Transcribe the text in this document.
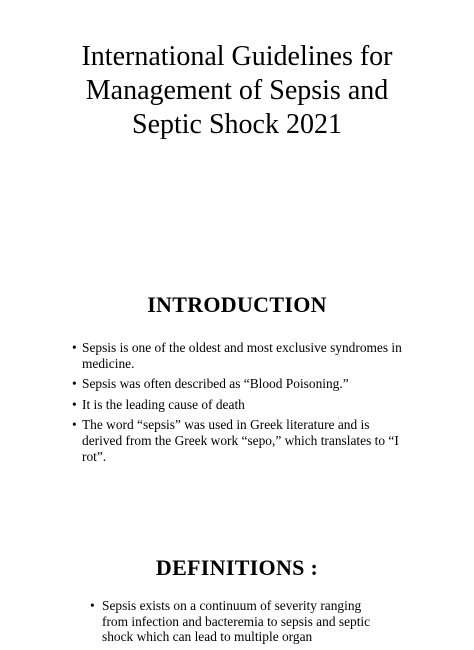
International Guidelines for
Management of Sepsis and
Septic Shock 2021
INTRODUCTION
• Sepsis is one of the oldest and most exclusive syndromes in medicine.
• Sepsis was often described as “Blood Poisoning.”
• It is the leading cause of death
• The word “sepsis” was used in Greek literature and is derived from the Greek work “sepo,” which translates to “I rot”.
DEFINITIONS :
• Sepsis exists on a continuum of severity ranging from infection and bacteremia to sepsis and septic shock which can lead to multiple organ
